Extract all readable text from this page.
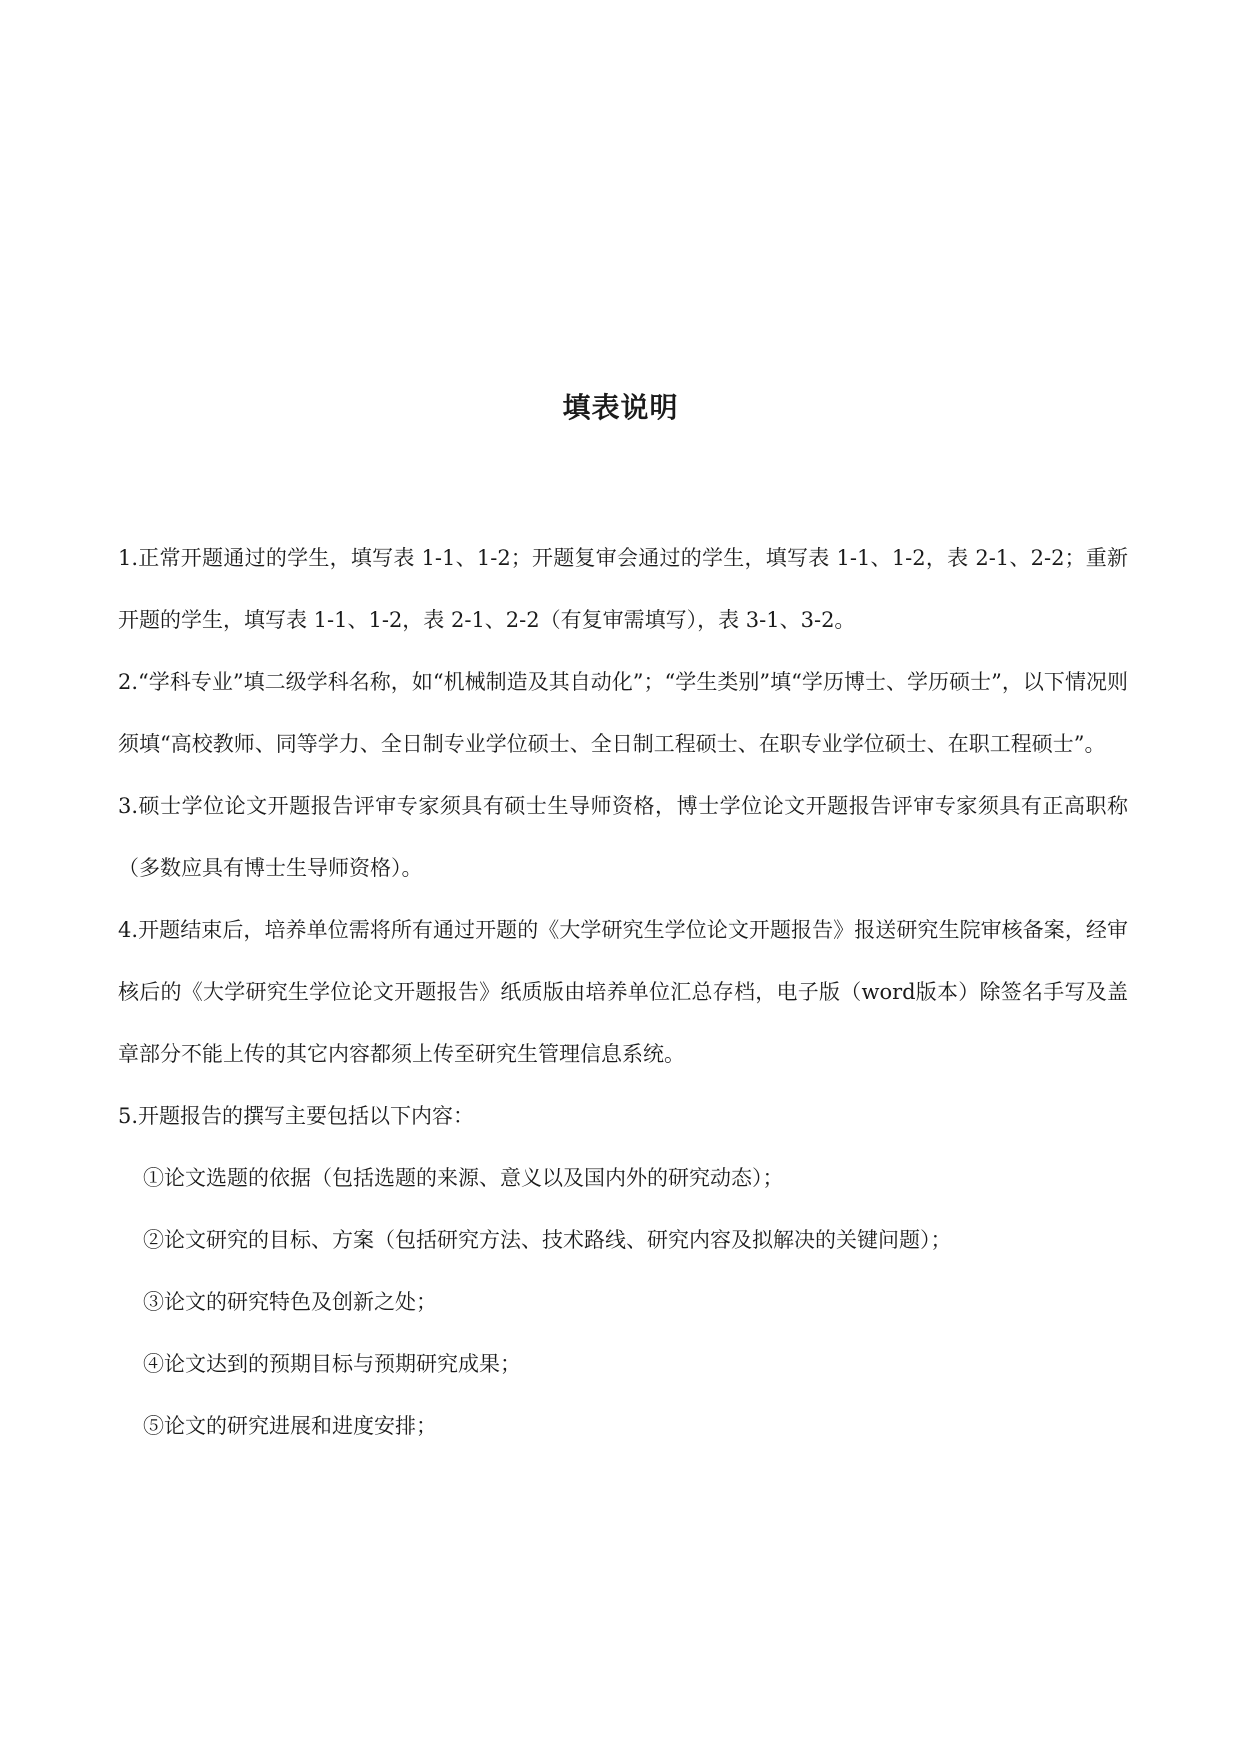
填表说明

1.正常开题通过的学生，填写表 1-1、1-2；开题复审会通过的学生，填写表 1-1、1-2，表 2-1、2-2；重新开题的学生，填写表 1-1、1-2，表 2-1、2-2（有复审需填写），表 3-1、3-2。

2.“学科专业”填二级学科名称，如“机械制造及其自动化”；“学生类别”填“学历博士、学历硕士”，以下情况则须填“高校教师、同等学力、全日制专业学位硕士、全日制工程硕士、在职专业学位硕士、在职工程硕士”。

3.硕士学位论文开题报告评审专家须具有硕士生导师资格，博士学位论文开题报告评审专家须具有正高职称（多数应具有博士生导师资格）。

4.开题结束后，培养单位需将所有通过开题的《大学研究生学位论文开题报告》报送研究生院审核备案，经审核后的《大学研究生学位论文开题报告》纸质版由培养单位汇总存档，电子版（word版本）除签名手写及盖章部分不能上传的其它内容都须上传至研究生管理信息系统。

5.开题报告的撰写主要包括以下内容：

①论文选题的依据（包括选题的来源、意义以及国内外的研究动态）；
②论文研究的目标、方案（包括研究方法、技术路线、研究内容及拟解决的关键问题）；
③论文的研究特色及创新之处；
④论文达到的预期目标与预期研究成果；
⑤论文的研究进展和进度安排；
